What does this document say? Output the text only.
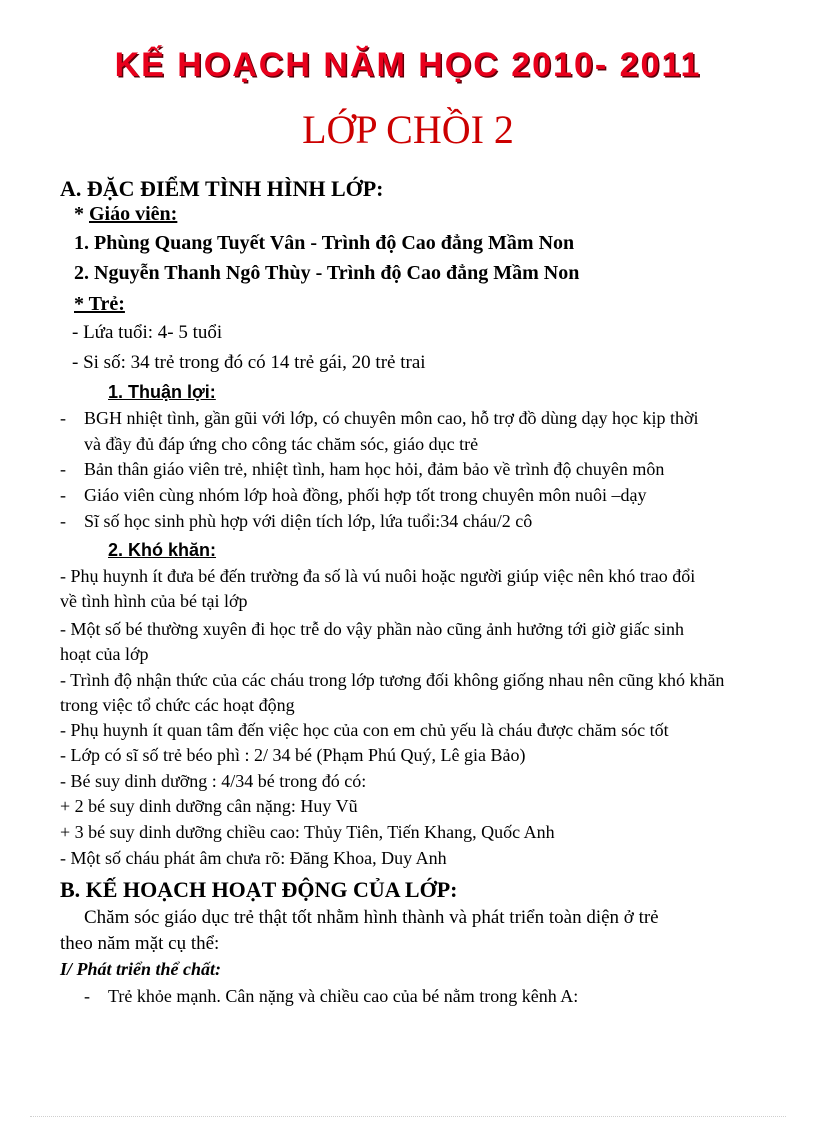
KẾ HOẠCH NĂM HỌC 2010- 2011
LỚP CHỒI 2
A. ĐẶC ĐIỂM TÌNH HÌNH LỚP:
* Giáo viên:
1. Phùng Quang Tuyết Vân - Trình độ Cao đẳng Mầm Non
2. Nguyễn Thanh Ngô Thùy - Trình độ Cao đẳng Mầm Non
* Trẻ:
- Lứa tuổi: 4- 5 tuổi
- Si số: 34 trẻ trong đó có 14 trẻ gái, 20 trẻ trai
1. Thuận lợi:
- BGH nhiệt tình, gần gũi với lớp, có chuyên môn cao, hỗ trợ đồ dùng dạy học kịp thời
và đầy đủ đáp ứng cho công tác chăm sóc, giáo dục trẻ
- Bản thân giáo viên trẻ, nhiệt tình, ham học hỏi, đảm bảo về trình độ chuyên môn
- Giáo viên cùng nhóm lớp hoà đồng, phối hợp tốt trong chuyên môn nuôi –dạy
- Sĩ số học sinh phù hợp với diện tích lớp, lứa tuổi:34 cháu/2 cô
2. Khó khăn:
- Phụ huynh ít đưa bé đến trường đa số là vú nuôi hoặc người giúp việc nên khó trao đổi
về tình hình của bé tại lớp
- Một số bé thường xuyên đi học trễ do vậy phần nào cũng ảnh hưởng tới giờ giấc sinh
hoạt của lớp
- Trình độ nhận thức của các cháu trong lớp tương đối không giống nhau nên cũng khó khăn
trong việc tổ chức các hoạt động
- Phụ huynh ít quan tâm đến việc học của con em chủ yếu là cháu được chăm sóc tốt
- Lớp có sĩ số trẻ béo phì : 2/ 34 bé (Phạm Phú Quý, Lê gia Bảo)
- Bé suy dinh dưỡng : 4/34 bé trong đó có:
+ 2 bé suy dinh dưỡng cân nặng: Huy Vũ
+ 3 bé suy dinh dưỡng chiều cao: Thủy Tiên, Tiến Khang, Quốc Anh
- Một số cháu phát âm chưa rõ: Đăng Khoa, Duy Anh
B. KẾ HOẠCH HOẠT ĐỘNG CỦA LỚP:
Chăm sóc giáo dục trẻ thật tốt nhằm hình thành và phát triển toàn diện ở trẻ
theo năm mặt cụ thể:
I/ Phát triển thể chất:
- Trẻ khỏe mạnh. Cân nặng và chiều cao của bé nằm trong kênh A:
